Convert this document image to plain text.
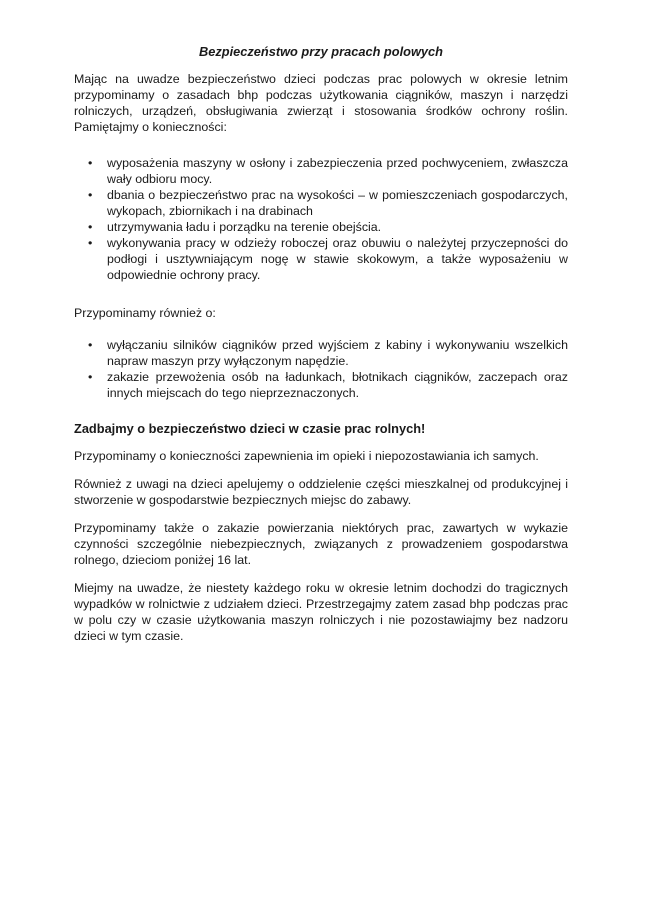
Bezpieczeństwo przy pracach polowych

Mając na uwadze bezpieczeństwo dzieci podczas prac polowych w okresie letnim przypominamy o zasadach bhp podczas użytkowania ciągników, maszyn i narzędzi rolniczych, urządzeń, obsługiwania zwierząt i stosowania środków ochrony roślin. Pamiętajmy o konieczności:

• wyposażenia maszyny w osłony i zabezpieczenia przed pochwyceniem, zwłaszcza wały odbioru mocy.
• dbania o bezpieczeństwo prac na wysokości – w pomieszczeniach gospodarczych, wykopach, zbiornikach i na drabinach
• utrzymywania ładu i porządku na terenie obejścia.
• wykonywania pracy w odzieży roboczej oraz obuwiu o należytej przyczepności do podłogi i usztywniającym nogę w stawie skokowym, a także wyposażeniu w odpowiednie ochrony pracy.

Przypominamy również o:

• wyłączaniu silników ciągników przed wyjściem z kabiny i wykonywaniu wszelkich napraw maszyn przy wyłączonym napędzie.
• zakazie przewożenia osób na ładunkach, błotnikach ciągników, zaczepach oraz innych miejscach do tego nieprzeznaczonych.
Zadbajmy o bezpieczeństwo dzieci w czasie prac rolnych!

Przypominamy o konieczności zapewnienia im opieki i niepozostawiania ich samych.

Również z uwagi na dzieci apelujemy o oddzielenie części mieszkalnej od produkcyjnej i stworzenie w gospodarstwie bezpiecznych miejsc do zabawy.

Przypominamy także o zakazie powierzania niektórych prac, zawartych w wykazie czynności szczególnie niebezpiecznych, związanych z prowadzeniem gospodarstwa rolnego, dzieciom poniżej 16 lat.

Miejmy na uwadze, że niestety każdego roku w okresie letnim dochodzi do tragicznych wypadków w rolnictwie z udziałem dzieci. Przestrzegajmy zatem zasad bhp podczas prac w polu czy w czasie użytkowania maszyn rolniczych i nie pozostawiajmy bez nadzoru dzieci w tym czasie.
